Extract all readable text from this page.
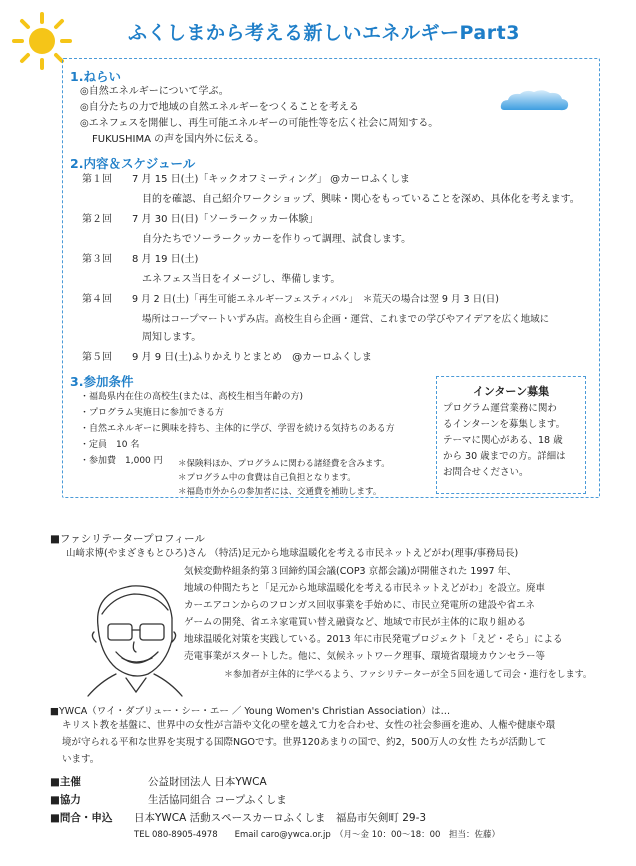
ふくしまから考える新しいエネルギーPart3
1.ねらい
◎自然エネルギーについて学ぶ。
◎自分たちの力で地域の自然エネルギーをつくることを考える
◎エネフェスを開催し、再生可能エネルギーの可能性等を広く社会に周知する。
FUKUSHIMA の声を国内外に伝える。
2.内容＆スケジュール
第１回 7 月 15 日(土)「キックオフミーティング」 @カーロふくしま
目的を確認、自己紹介ワークショップ、興味・関心をもっていることを深め、具体化を考えます。
第２回 7 月 30 日(日)「ソーラークッカー体験」
自分たちでソーラークッカーを作りって調理、試食します。
第３回 8 月 19 日(土)
エネフェス当日をイメージし、準備します。
第４回 9 月 2 日(土)「再生可能エネルギーフェスティバル」　＊荒天の場合は翌 9 月 3 日(日)
場所はコープマートいずみ店。高校生自ら企画・運営、これまでの学びやアイデアを広く地域に
周知します。
第５回 9 月 9 日(土)ふりかえりとまとめ　@カーロふくしま
3.参加条件
・福島県内在住の高校生(または、高校生相当年齢の方)
・プログラム実施日に参加できる方
・自然エネルギーに興味を持ち、主体的に学び、学習を続ける気持ちのある方
・定員　10 名
・参加費　1,000 円 ＊保険料ほか、プログラムに関わる諸経費を含みます。
＊プログラム中の食費は自己負担となります。
＊福島市外からの参加者には、交通費を補助します。
インターン募集
プログラム運営業務に関わ
るインターンを募集します。
テーマに関心がある、18 歳
から 30 歳までの方。詳細は
お問合せください。
■ファシリテータープロフィール
山﨑求博(やまざきもとひろ)さん （特活)足元から地球温暖化を考える市民ネットえどがわ(理事/事務局長)
気候変動枠組条約第３回締約国会議(COP3 京都会議)が開催された 1997 年、
地域の仲間たちと「足元から地球温暖化を考える市民ネットえどがわ」を設立。廃車
カーエアコンからのフロンガス回収事業を手始めに、市民立発電所の建設や省エネ
ゲームの開発、省エネ家電買い替え融資など、地域で市民が主体的に取り組める
地球温暖化対策を実践している。2013 年に市民発電プロジェクト「えど・そら」による
売電事業がスタートした。他に、気候ネットワーク理事、環境省環境カウンセラー等
＊参加者が主体的に学べるよう、ファシリテーターが全５回を通して司会・進行をします。
■YWCA（ワイ・ダブリュー・シー・エー ／ Young Women's Christian Association）は…
キリスト教を基盤に、世界中の女性が言語や文化の壁を越えて力を合わせ、女性の社会参画を進め、人権や健康や環
境が守られる平和な世界を実現する国際NGOです。世界120あまりの国で、約2，500万人の女性 たちが活動して
います。
■主催	公益財団法人 日本YWCA
■協力	生活協同組合 コープふくしま
■問合・申込 日本YWCA 活動スペースカーロふくしま　福島市矢剣町 29-3
TEL 080-8905-4978　　Email caro@ywca.or.jp　（月～金 10：00～18：00　担当：佐藤）
